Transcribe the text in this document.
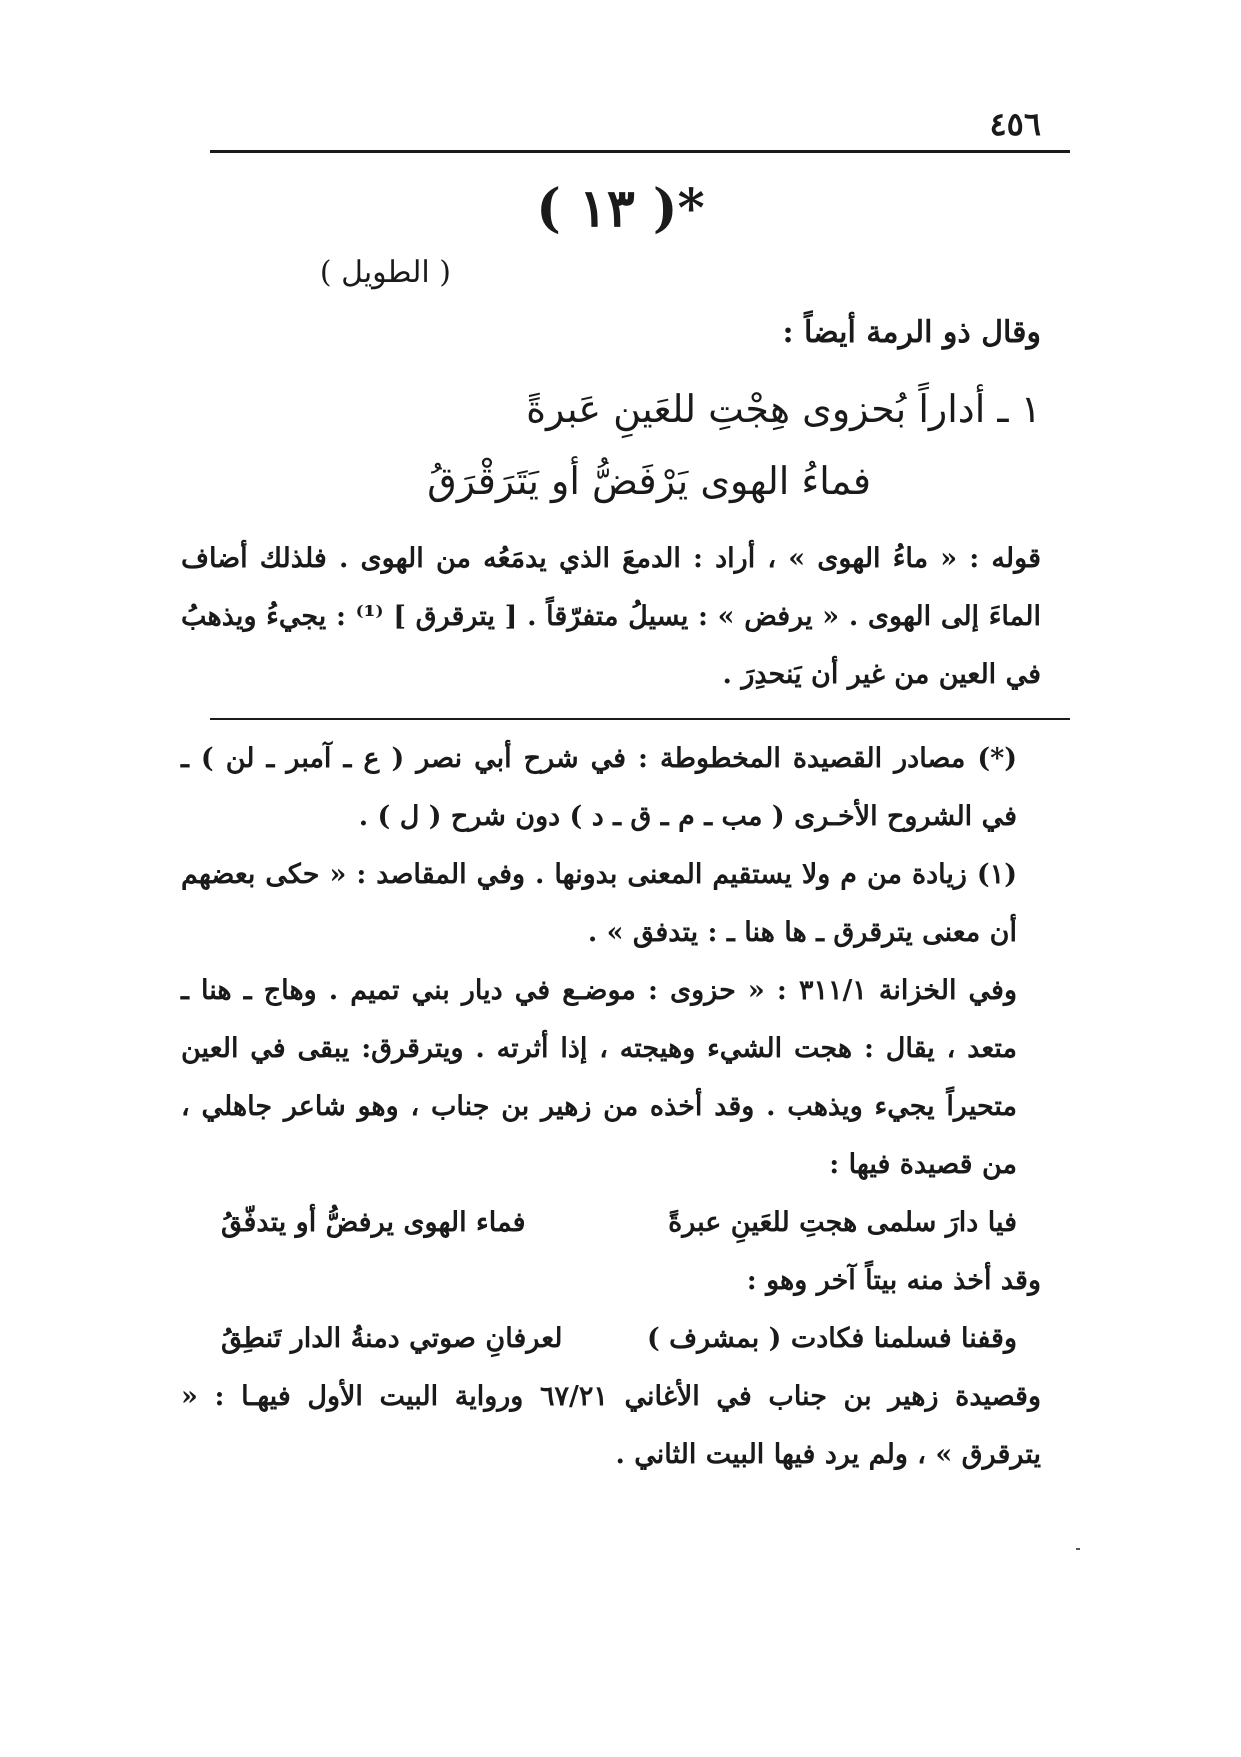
٤٥٦
*( ١٣ )
( الطويل )
وقال ذو الرمة أيضاً :
١ ـ أداراً بُحزوى هِجْتِ للعَينِ عَبرةً
فماءُ الهوى يَرْفَضُّ أو يَتَرَقْرَقُ
قوله : « ماءُ الهوى » ، أراد : الدمعَ الذي يدمَعُه من الهوى . فلذلك أضاف الماءَ إلى الهوى . « يرفض » : يسيلُ متفرّقاً . [ يترقرق ] ⁽¹⁾ : يجيءُ ويذهبُ في العين من غير أن يَنحدِرَ .

(*) مصادر القصيدة المخطوطة : في شرح أبي نصر ( ع ـ آمبر ـ لن ) ـ في الشروح الأخـرى ( مب ـ م ـ ق ـ د ) دون شرح ( ل ) .

(١) زيادة من م ولا يستقيم المعنى بدونها . وفي المقاصد : « حكى بعضهم أن معنى يترقرق ـ ها هنا ـ : يتدفق » .

وفي الخزانة ٣١١/١ : « حزوى : موضـع في ديار بني تميم . وهاج ـ هنا ـ متعد ، يقال : هجت الشيء وهيجته ، إذا أثرته . ويترقرق: يبقى في العين متحيراً يجيء ويذهب . وقد أخذه من زهير بن جناب ، وهو شاعر جاهلي ، من قصيدة فيها :

فيا دارَ سلمى هجتِ للعَينِ عبرةً
فماء الهوى يرفضُّ أو يتدفّقُ

وقد أخذ منه بيتاً آخر وهو :

وقفنا فسلمنا فكادت ( بمشرف )
لعرفانِ صوتي دمنةُ الدار تَنطِقُ

وقصيدة زهير بن جناب في الأغاني ٦٧/٢١ ورواية البيت الأول فيهـا : « يترقرق » ، ولم يرد فيها البيت الثاني .
